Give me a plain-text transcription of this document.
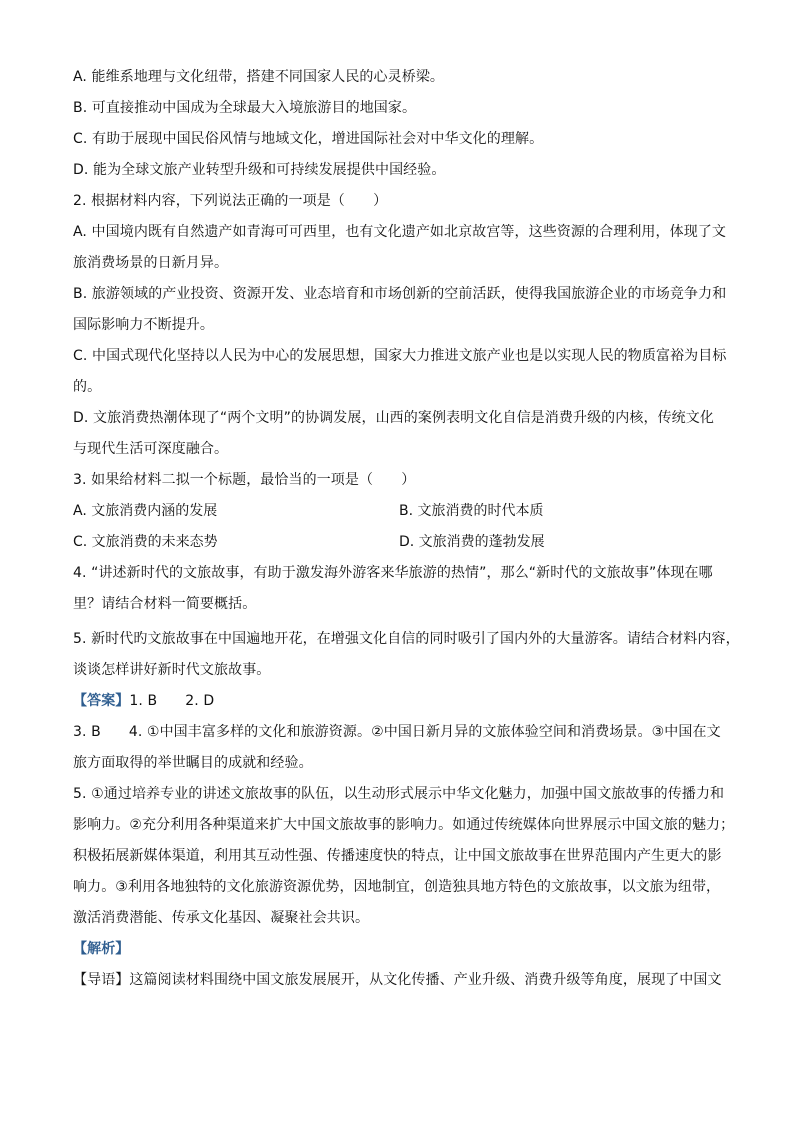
A. 能维系地理与文化纽带，搭建不同国家人民的心灵桥梁。
B. 可直接推动中国成为全球最大入境旅游目的地国家。
C. 有助于展现中国民俗风情与地域文化，增进国际社会对中华文化的理解。
D. 能为全球文旅产业转型升级和可持续发展提供中国经验。
2. 根据材料内容，下列说法正确的一项是（　　）
A. 中国境内既有自然遗产如青海可可西里，也有文化遗产如北京故宫等，这些资源的合理利用，体现了文
旅消费场景的日新月异。
B. 旅游领域的产业投资、资源开发、业态培育和市场创新的空前活跃，使得我国旅游企业的市场竞争力和
国际影响力不断提升。
C. 中国式现代化坚持以人民为中心的发展思想，国家大力推进文旅产业也是以实现人民的物质富裕为目标
的。
D. 文旅消费热潮体现了“两个文明”的协调发展，山西的案例表明文化自信是消费升级的内核，传统文化
与现代生活可深度融合。
3. 如果给材料二拟一个标题，最恰当的一项是（　　）
A. 文旅消费内涵的发展	B. 文旅消费的时代本质
C. 文旅消费的未来态势	D. 文旅消费的蓬勃发展
4. “讲述新时代的文旅故事，有助于激发海外游客来华旅游的热情”，那么“新时代的文旅故事”体现在哪
里？请结合材料一简要概括。
5. 新时代旳文旅故事在中国遍地开花，在增强文化自信的同时吸引了国内外的大量游客。请结合材料内容，
谈谈怎样讲好新时代文旅故事。
【答案】1. B 2. D
3. B 4. ①中国丰富多样的文化和旅游资源。②中国日新月异的文旅体验空间和消费场景。③中国在文
旅方面取得的举世瞩目的成就和经验。
5. ①通过培养专业的讲述文旅故事的队伍，以生动形式展示中华文化魅力，加强中国文旅故事的传播力和
影响力。②充分利用各种渠道来扩大中国文旅故事的影响力。如通过传统媒体向世界展示中国文旅的魅力；
积极拓展新媒体渠道，利用其互动性强、传播速度快的特点，让中国文旅故事在世界范围内产生更大的影
响力。③利用各地独特的文化旅游资源优势，因地制宜，创造独具地方特色的文旅故事，以文旅为纽带，
激活消费潜能、传承文化基因、凝聚社会共识。
【解析】
【导语】这篇阅读材料围绕中国文旅发展展开，从文化传播、产业升级、消费升级等角度，展现了中国文
